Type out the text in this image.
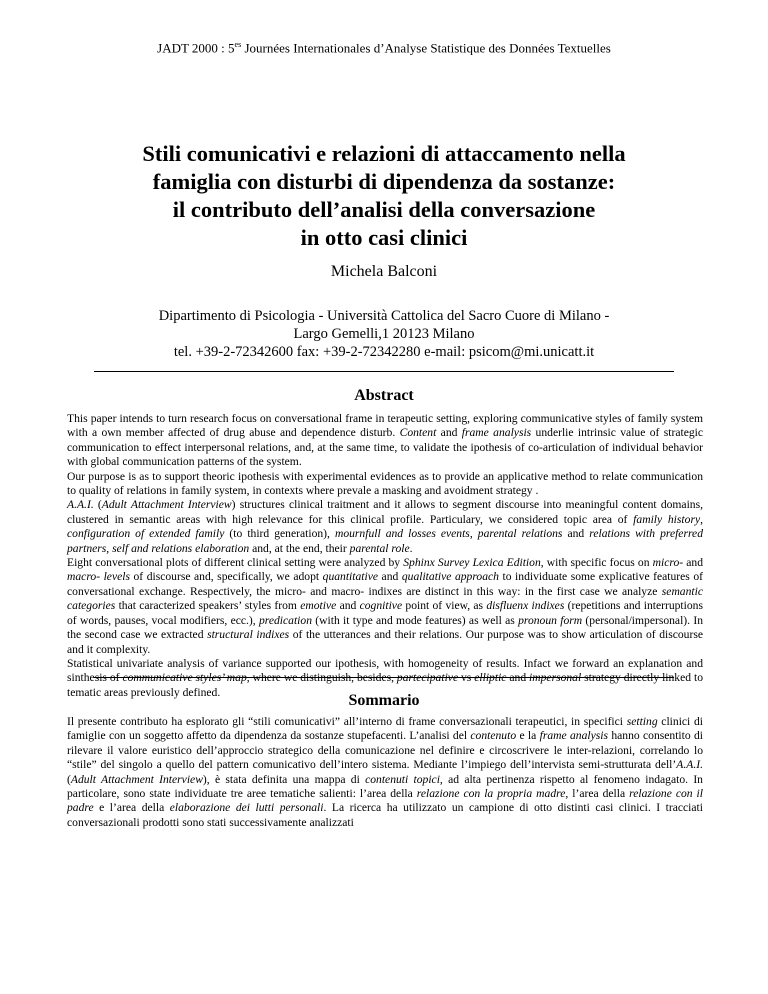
JADT 2000 : $5^{es}$ Journées Internationales d’Analyse Statistique des Données Textuelles
Stili comunicativi e relazioni di attaccamento nella
famiglia con disturbi di dipendenza da sostanze:
il contributo dell’analisi della conversazione
in otto casi clinici
Michela Balconi
Dipartimento di Psicologia - Università Cattolica del Sacro Cuore di Milano -
Largo Gemelli,1 20123 Milano
tel. +39-2-72342600 fax: +39-2-72342280 e-mail: psicom@mi.unicatt.it
Abstract

This paper intends to turn research focus on conversational frame in terapeutic setting, exploring communicative styles of family system with a own member affected of drug abuse and dependence disturb. Content and frame analysis underlie intrinsic value of strategic communication to effect interpersonal relations, and, at the same time, to validate the ipothesis of co-articulation of individual behavior with global communication patterns of the system.

Our purpose is as to support theoric ipothesis with experimental evidences as to provide an applicative method to relate communication to quality of relations in family system, in contexts where prevale a masking and avoidment strategy .

A.A.I. (Adult Attachment Interview) structures clinical traitment and it allows to segment discourse into meaningful content domains, clustered in semantic areas with high relevance for this clinical profile. Particulary, we considered topic area of family history, configuration of extended family (to third generation), mournfull and losses events, parental relations and relations with preferred partners, self and relations elaboration and, at the end, their parental role.

Eight conversational plots of different clinical setting were analyzed by Sphinx Survey Lexica Edition, with specific focus on micro- and macro- levels of discourse and, specifically, we adopt quantitative and qualitative approach to individuate some explicative features of conversational exchange. Respectively, the micro- and macro- indixes are distinct in this way: in the first case we analyze semantic categories that caracterized speakers’ styles from emotive and cognitive point of view, as disfluenx indixes (repetitions and interruptions of words, pauses, vocal modifiers, ecc.), predication (with it type and mode features) as well as pronoun form (personal/impersonal). In the second case we extracted structural indixes of the utterances and their relations. Our purpose was to show articulation of discourse and it complexity.

Statistical univariate analysis of variance supported our ipothesis, with homogeneity of results. Infact we forward an explanation and sinthesis of communicative styles’ map, where we distinguish, besides, partecipative vs elliptic and impersonal strategy directly linked to tematic areas previously defined.	Sommario

Il presente contributo ha esplorato gli “stili comunicativi” all’interno di frame conversazionali terapeutici, in specifici setting clinici di famiglie con un soggetto affetto da dipendenza da sostanze stupefacenti. L’analisi del contenuto e la frame analysis hanno consentito di rilevare il valore euristico dell’approccio strategico della comunicazione nel definire e circoscrivere le inter-relazioni, correlando lo “stile” del singolo a quello del pattern comunicativo dell’intero sistema. Mediante l’impiego dell’intervista semi-strutturata dell’A.A.I. (Adult Attachment Interview), è stata definita una mappa di contenuti topici, ad alta pertinenza rispetto al fenomeno indagato. In particolare, sono state individuate tre aree tematiche salienti: l’area della relazione con la propria madre, l’area della relazione con il padre e l’area della elaborazione dei lutti personali. La ricerca ha utilizzato un campione di otto distinti casi clinici. I tracciati conversazionali prodotti sono stati successivamente analizzati
